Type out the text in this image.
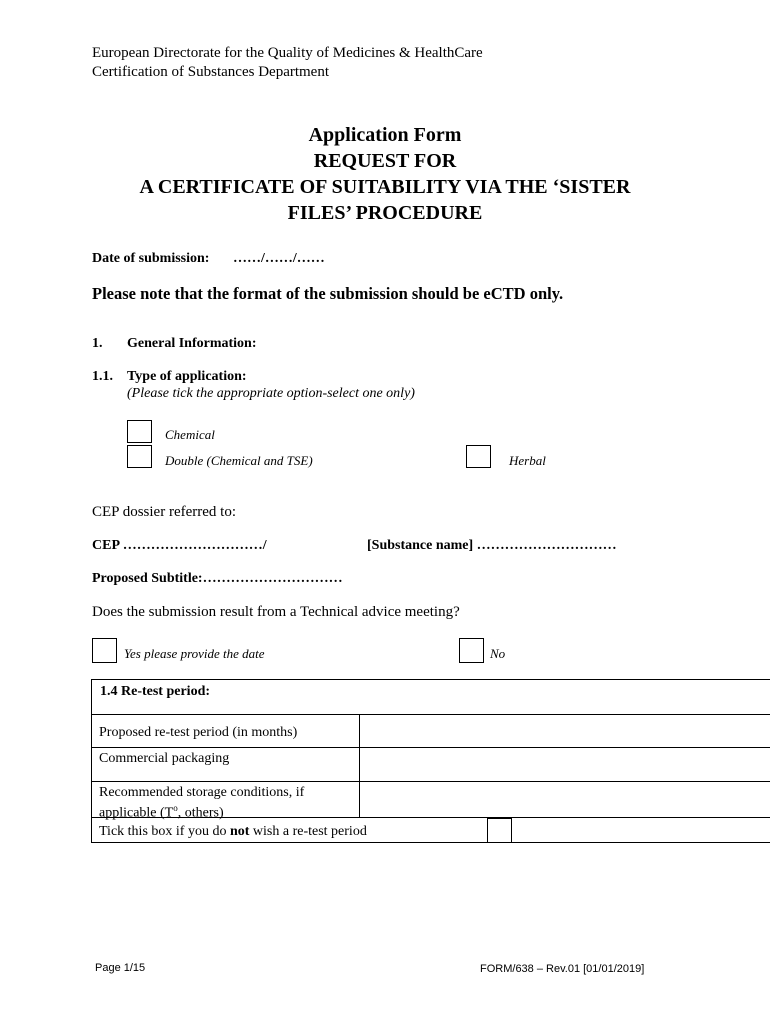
European Directorate for the Quality of Medicines & HealthCare
Certification of Substances Department
Application Form
REQUEST FOR
A CERTIFICATE OF SUITABILITY VIA THE ‘SISTER
FILES’ PROCEDURE
Date of submission: ……/……/……
Please note that the format of the submission should be eCTD only.
1. General Information:
1.1. Type of application:
(Please tick the appropriate option-select one only)
Chemical
Double (Chemical and TSE)	Herbal
CEP dossier referred to:
CEP …………………………/	[Substance name] …………………………
Proposed Subtitle:…………………………
Does the submission result from a Technical advice meeting?
Yes please provide the date	No
1.4 Re-test period:
Proposed re-test period (in months)
Commercial packaging
Recommended storage conditions, if
applicable ($T^o$, others)
Tick this box if you do not wish a re-test period
Page 1/15	FORM/638 – Rev.01 [01/01/2019]
